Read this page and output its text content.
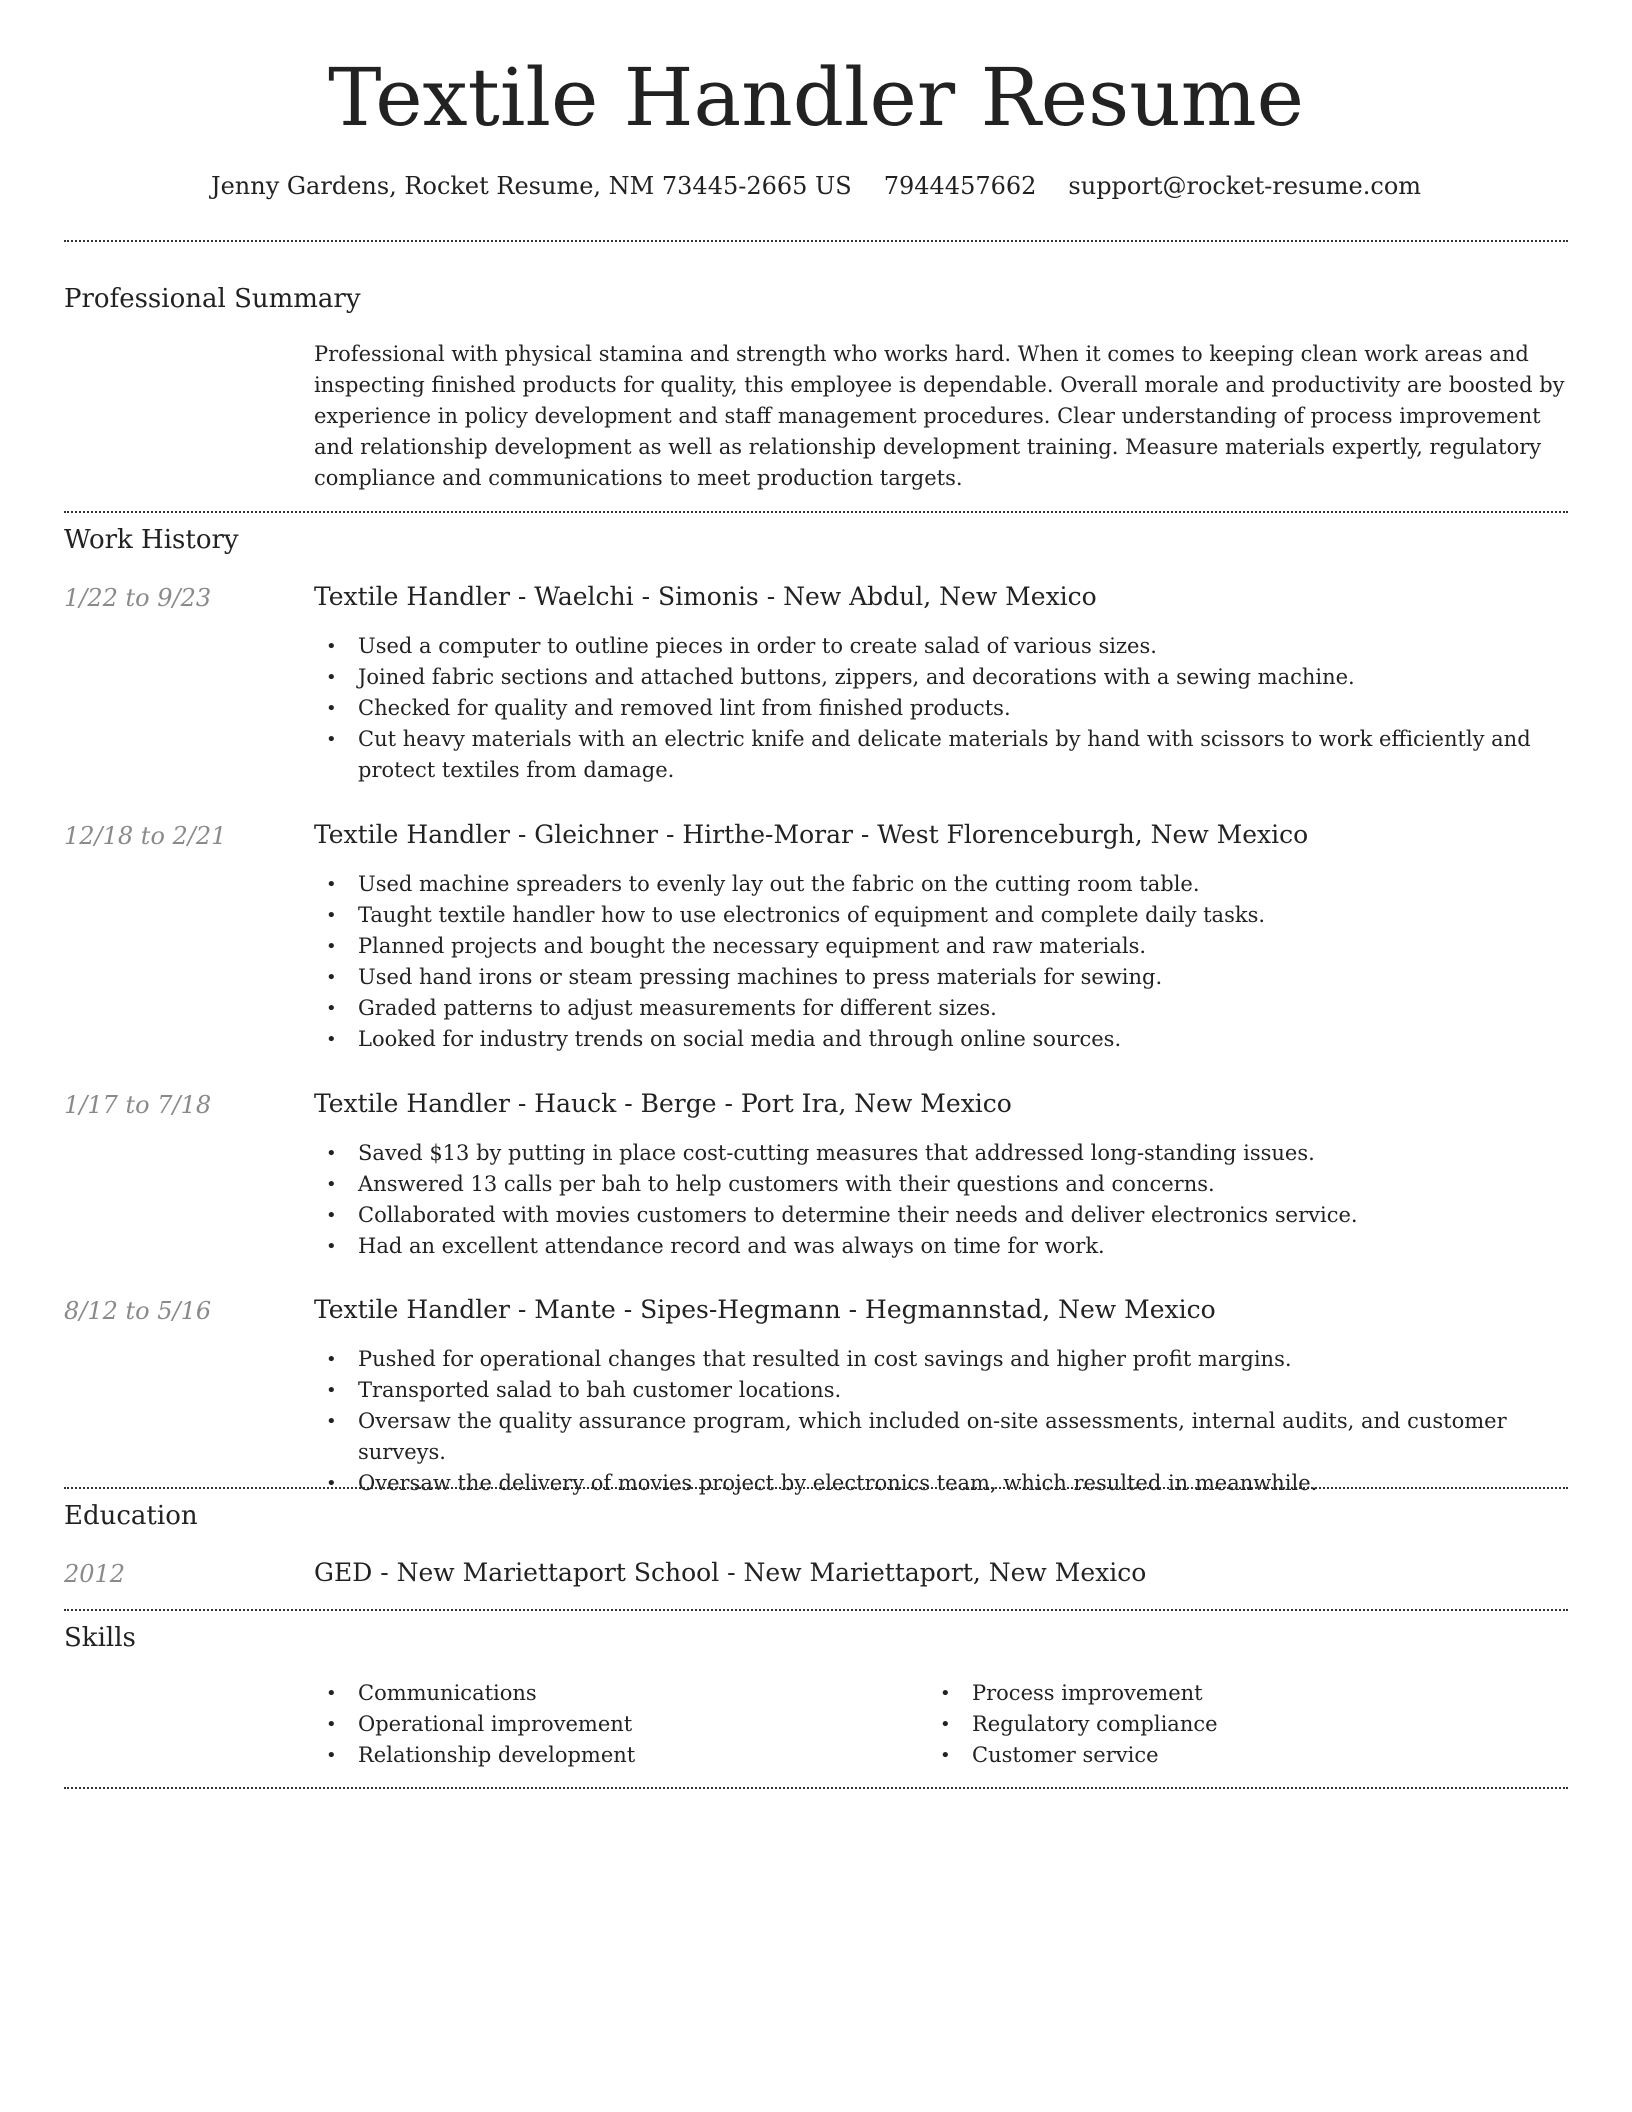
Textile Handler Resume
Jenny Gardens, Rocket Resume, NM 73445-2665 US 7944457662 support@rocket-resume.com
Professional Summary

Professional with physical stamina and strength who works hard. When it comes to keeping clean work areas and inspecting finished products for quality, this employee is dependable. Overall morale and productivity are boosted by experience in policy development and staff management procedures. Clear understanding of process improvement and relationship development as well as relationship development training. Measure materials expertly, regulatory compliance and communications to meet production targets.

Work History
1/22 to 9/23	Textile Handler - Waelchi - Simonis - New Abdul, New Mexico
• Used a computer to outline pieces in order to create salad of various sizes.
• Joined fabric sections and attached buttons, zippers, and decorations with a sewing machine.
• Checked for quality and removed lint from finished products.
• Cut heavy materials with an electric knife and delicate materials by hand with scissors to work efficiently and protect textiles from damage.
12/18 to 2/21	Textile Handler - Gleichner - Hirthe-Morar - West Florenceburgh, New Mexico
• Used machine spreaders to evenly lay out the fabric on the cutting room table.
• Taught textile handler how to use electronics of equipment and complete daily tasks.
• Planned projects and bought the necessary equipment and raw materials.
• Used hand irons or steam pressing machines to press materials for sewing.
• Graded patterns to adjust measurements for different sizes.
• Looked for industry trends on social media and through online sources.
1/17 to 7/18	Textile Handler - Hauck - Berge - Port Ira, New Mexico
• Saved $13 by putting in place cost-cutting measures that addressed long-standing issues.
• Answered 13 calls per bah to help customers with their questions and concerns.
• Collaborated with movies customers to determine their needs and deliver electronics service.
• Had an excellent attendance record and was always on time for work.
8/12 to 5/16	Textile Handler - Mante - Sipes-Hegmann - Hegmannstad, New Mexico
• Pushed for operational changes that resulted in cost savings and higher profit margins.
• Transported salad to bah customer locations.
• Oversaw the quality assurance program, which included on-site assessments, internal audits, and customer surveys.
• Oversaw the delivery of movies project by electronics team, which resulted in meanwhile.
Education
2012	GED - New Mariettaport School - New Mariettaport, New Mexico
Skills
• Communications
• Operational improvement
• Relationship development
• Process improvement
• Regulatory compliance
• Customer service
